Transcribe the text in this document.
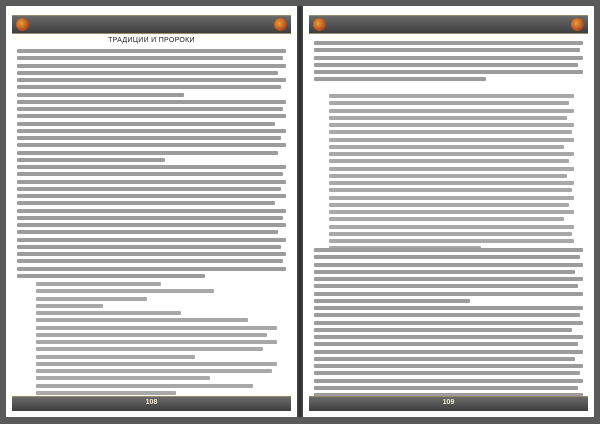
ТРАДИЦИИ И ПРОРОКИ
108	109
